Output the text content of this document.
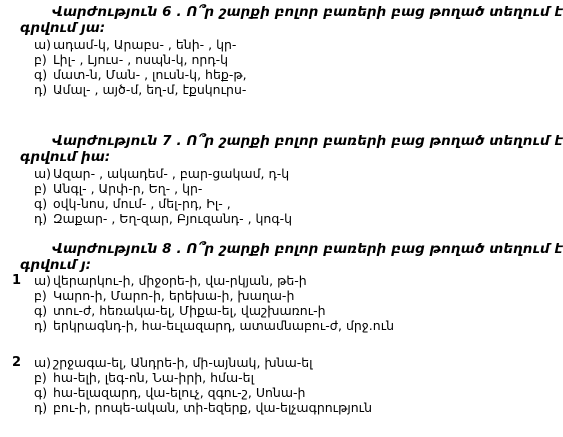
Վարժություն 6 . Ո՞ր շարքի բոլոր բառերի բաց թողած տեղում է
գրվում յա:
ա) ադամ-կ, Արաբս- , ենի- , կր-
բ) Լիլ- , Լյուս- , ոսպն-կ, որդ-կ
գ) մատ-ն, Ման- , լուսն-կ, հեք-թ,
դ) Ամալ- , այծ-մ, եղ-մ, էքսկուրս-
Վարժություն 7 . Ո՞ր շարքի բոլոր բառերի բաց թողած տեղում է
գրվում իա:
ա) Ազար- , ակադեմ- , բար-ցակամ, դ-կ
բ) Անգլ- , Արփ-ր, Եղ- , կր-
գ) օվկ-նոս, մում- , մել-րդ, Իլ- ,
դ) Զաքար- , Եղ-զար, Բյուզանդ- , կոգ-կ
Վարժություն 8 . Ո՞ր շարքի բոլոր բառերի բաց թողած տեղում է
գրվում յ:
1 ա) վերարկու-ի, միջօրե-ի, վա-րկյան, թե-ի
բ) Կարո-ի, Մարո-ի, երեխա-ի, խաղա-ի
գ) տու-ժ, հեռակա-ել, Միքա-ել, վաշխառու-ի
դ) երկրագնդ-ի, հա-եւլազարդ, ատամնաբու-ժ, մրջ.ուն
2 ա) շրջագա-ել, Անդրե-ի, մի-այնակ, խնա-ել
բ) հա-ելի, լեգ-ոն, Նա-իրի, հմա-ել
գ) հա-ելազարդ, վա-ելուչ, զգու-շ, Սոնա-ի
դ) բու-ի, րոպե-ական, տի-եզերք, վա-ելչագրություն
